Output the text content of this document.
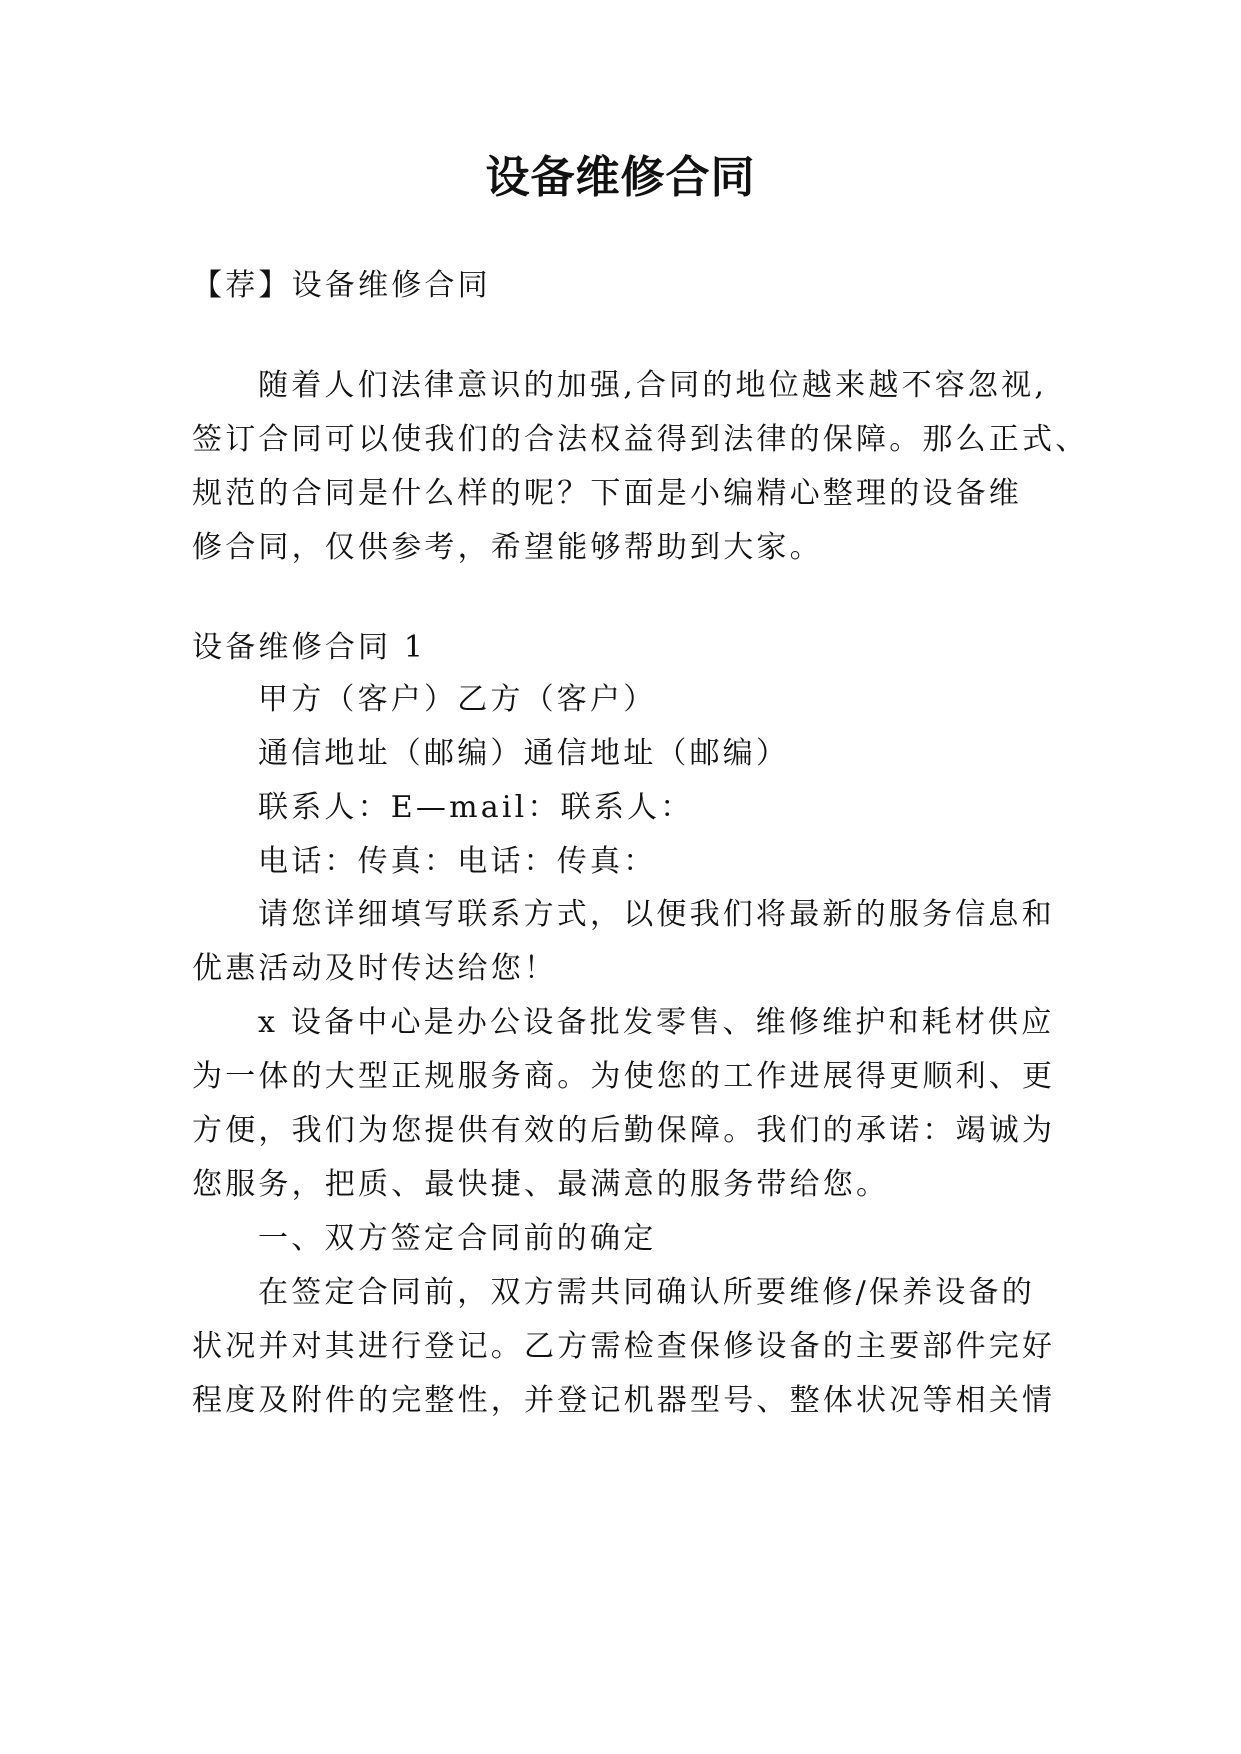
设备维修合同

【荐】设备维修合同

随着人们法律意识的加强,合同的地位越来越不容忽视,

签订合同可以使我们的合法权益得到法律的保障。那么正式、

规范的合同是什么样的呢？下面是小编精心整理的设备维

修合同，仅供参考，希望能够帮助到大家。

设备维修合同 1

甲方（客户）乙方（客户）

通信地址（邮编）通信地址（邮编）

联系人：E—mail：联系人：

电话：传真：电话：传真：

请您详细填写联系方式，以便我们将最新的服务信息和

优惠活动及时传达给您！

x 设备中心是办公设备批发零售、维修维护和耗材供应

为一体的大型正规服务商。为使您的工作进展得更顺利、更

方便，我们为您提供有效的后勤保障。我们的承诺：竭诚为

您服务，把质、最快捷、最满意的服务带给您。

一、双方签定合同前的确定

在签定合同前，双方需共同确认所要维修/保养设备的

状况并对其进行登记。乙方需检查保修设备的主要部件完好

程度及附件的完整性，并登记机器型号、整体状况等相关情
